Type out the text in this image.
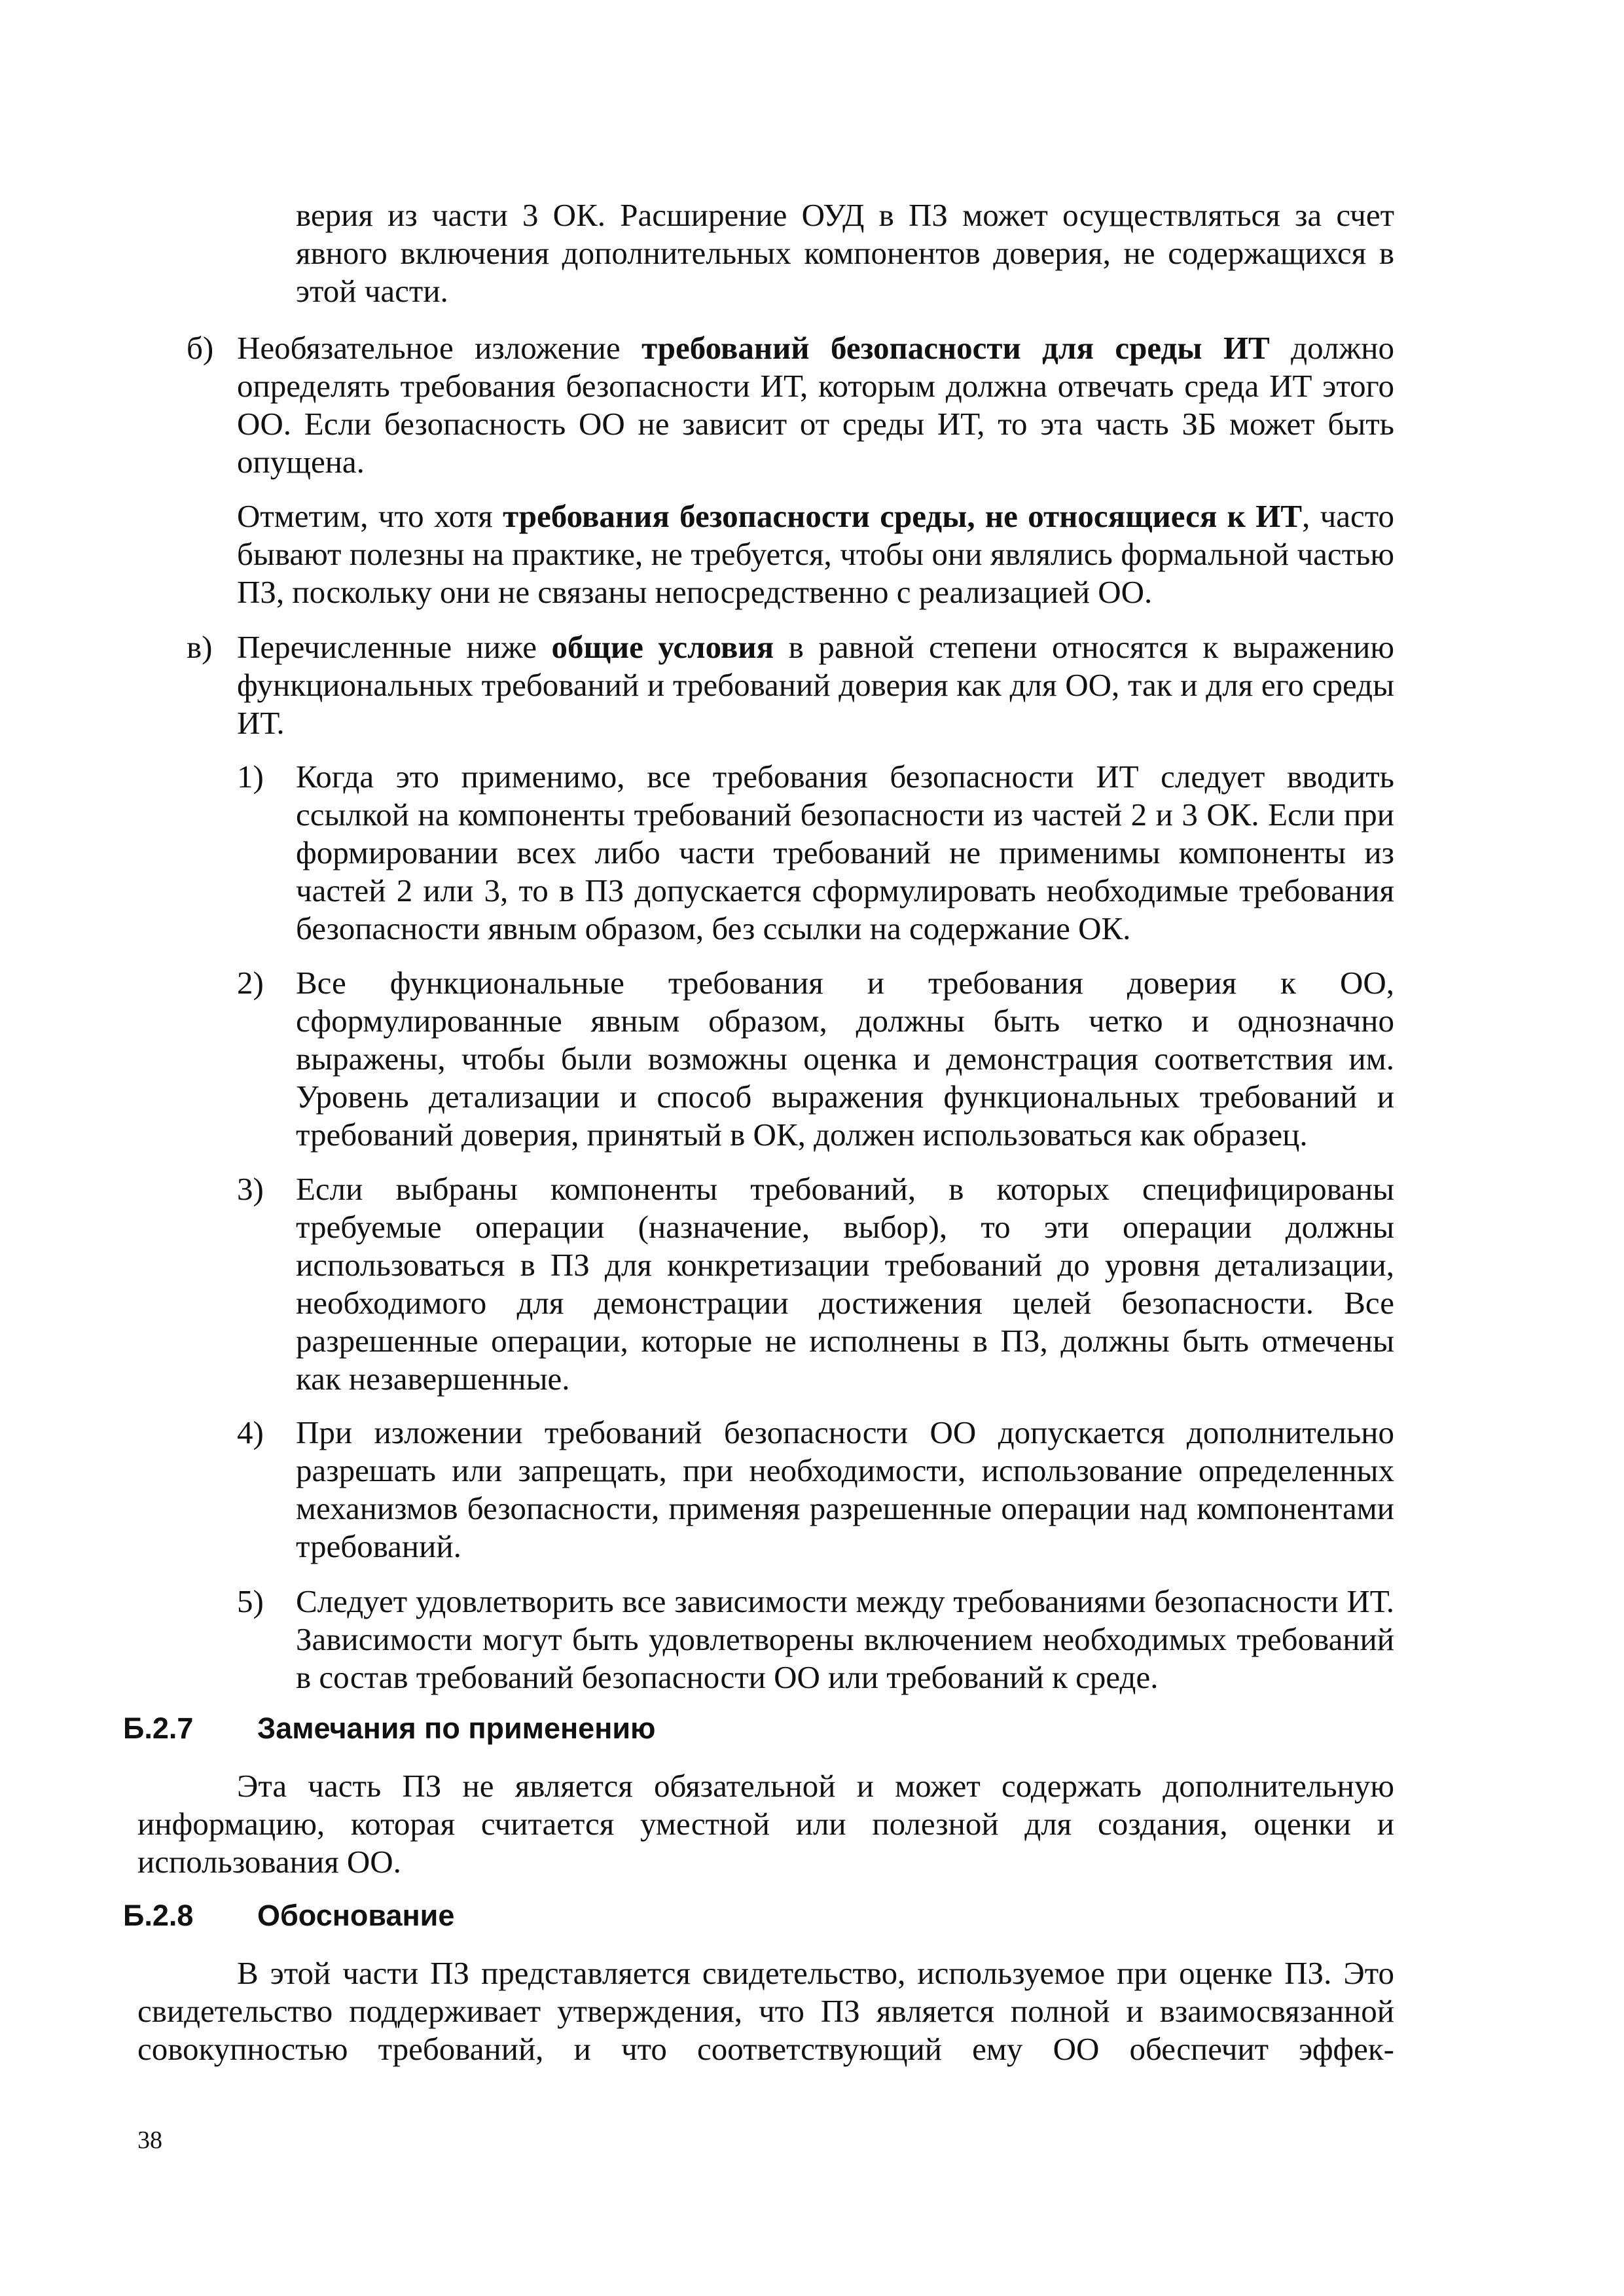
верия из части 3 ОК. Расширение ОУД в ПЗ может осуществляться за счет явного включения дополнительных компонентов доверия, не содержащихся в этой части.

б) Необязательное изложение требований безопасности для среды ИТ должно определять требования безопасности ИТ, которым должна отвечать среда ИТ этого ОО. Если безопасность ОО не зависит от среды ИТ, то эта часть ЗБ может быть опущена.

Отметим, что хотя требования безопасности среды, не относящиеся к ИТ, часто бывают полезны на практике, не требуется, чтобы они являлись формальной частью ПЗ, поскольку они не связаны непосредственно с реализацией ОО.

в) Перечисленные ниже общие условия в равной степени относятся к выражению функциональных требований и требований доверия как для ОО, так и для его среды ИТ.

1) Когда это применимо, все требования безопасности ИТ следует вводить ссылкой на компоненты требований безопасности из частей 2 и 3 ОК. Если при формировании всех либо части требований не применимы компоненты из частей 2 или 3, то в ПЗ допускается сформулировать необходимые требования безопасности явным образом, без ссылки на содержание ОК.

2) Все функциональные требования и требования доверия к ОО, сформулированные явным образом, должны быть четко и однозначно выражены, чтобы были возможны оценка и демонстрация соответствия им. Уровень детализации и способ выражения функциональных требований и требований доверия, принятый в ОК, должен использоваться как образец.

3) Если выбраны компоненты требований, в которых специфицированы требуемые операции (назначение, выбор), то эти операции должны использоваться в ПЗ для конкретизации требований до уровня детализации, необходимого для демонстрации достижения целей безопасности. Все разрешенные операции, которые не исполнены в ПЗ, должны быть отмечены как незавершенные.

4) При изложении требований безопасности ОО допускается дополнительно разрешать или запрещать, при необходимости, использование определенных механизмов безопасности, применяя разрешенные операции над компонентами требований.

5) Следует удовлетворить все зависимости между требованиями безопасности ИТ. Зависимости могут быть удовлетворены включением необходимых требований в состав требований безопасности ОО или требований к среде.

Б.2.7 Замечания по применению

Эта часть ПЗ не является обязательной и может содержать дополнительную информацию, которая считается уместной или полезной для создания, оценки и использования ОО.

Б.2.8 Обоснование

В этой части ПЗ представляется свидетельство, используемое при оценке ПЗ. Это свидетельство поддерживает утверждения, что ПЗ является полной и взаимосвязанной совокупностью требований, и что соответствующий ему ОО обеспечит эффек-

38
